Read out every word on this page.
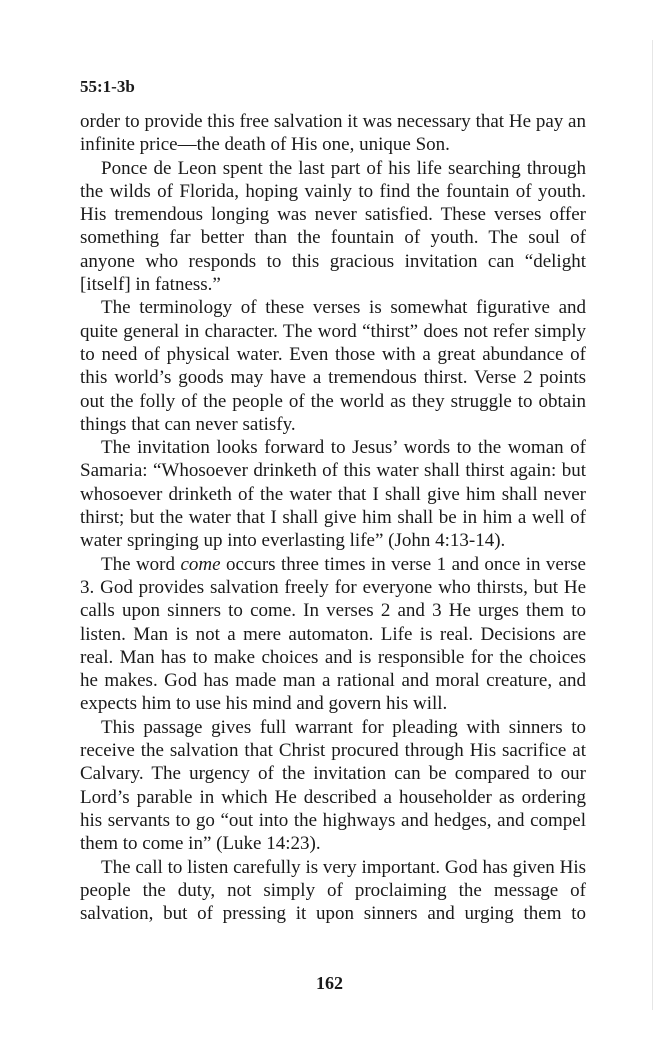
55:1-3b

order to provide this free salvation it was necessary that He pay an infinite price—the death of His one, unique Son.

Ponce de Leon spent the last part of his life searching through the wilds of Florida, hoping vainly to find the fountain of youth. His tremendous longing was never satisfied. These verses offer something far better than the fountain of youth. The soul of anyone who responds to this gracious invitation can “delight [itself] in fatness.”

The terminology of these verses is somewhat figurative and quite general in character. The word “thirst” does not refer simply to need of physical water. Even those with a great abundance of this world’s goods may have a tremendous thirst. Verse 2 points out the folly of the people of the world as they struggle to obtain things that can never satisfy.

The invitation looks forward to Jesus’ words to the woman of Samaria: “Whosoever drinketh of this water shall thirst again: but whosoever drinketh of the water that I shall give him shall never thirst; but the water that I shall give him shall be in him a well of water springing up into everlasting life” (John 4:13-14).

The word come occurs three times in verse 1 and once in verse 3. God provides salvation freely for everyone who thirsts, but He calls upon sinners to come. In verses 2 and 3 He urges them to listen. Man is not a mere automaton. Life is real. Decisions are real. Man has to make choices and is responsible for the choices he makes. God has made man a rational and moral creature, and expects him to use his mind and govern his will.

This passage gives full warrant for pleading with sinners to receive the salvation that Christ procured through His sacrifice at Calvary. The urgency of the invitation can be compared to our Lord’s parable in which He described a householder as ordering his servants to go “out into the highways and hedges, and compel them to come in” (Luke 14:23).

The call to listen carefully is very important. God has given His people the duty, not simply of proclaiming the message of salvation, but of pressing it upon sinners and urging them to

162
